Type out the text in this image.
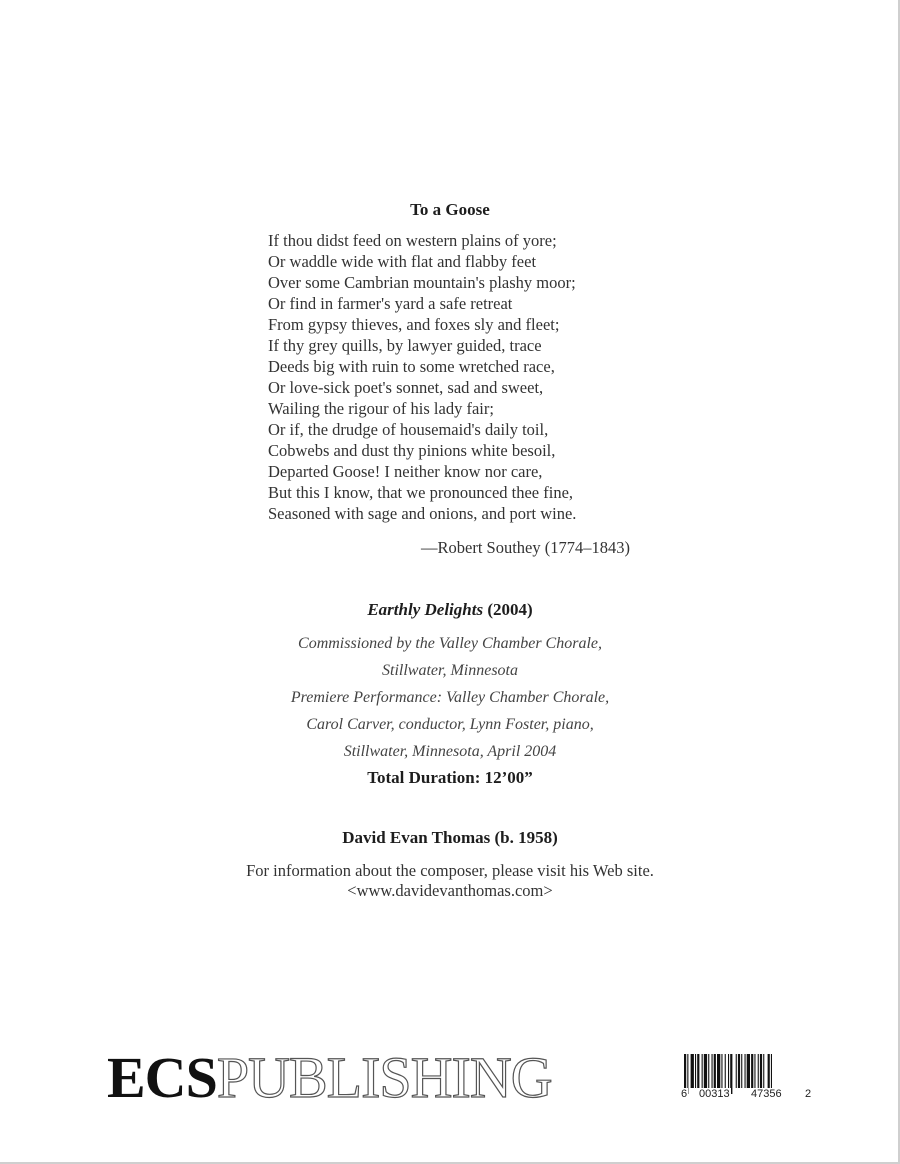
To a Goose
If thou didst feed on western plains of yore;
Or waddle wide with flat and flabby feet
Over some Cambrian mountain's plashy moor;
Or find in farmer's yard a safe retreat
From gypsy thieves, and foxes sly and fleet;
If thy grey quills, by lawyer guided, trace
Deeds big with ruin to some wretched race,
Or love-sick poet's sonnet, sad and sweet,
Wailing the rigour of his lady fair;
Or if, the drudge of housemaid's daily toil,
Cobwebs and dust thy pinions white besoil,
Departed Goose! I neither know nor care,
But this I know, that we pronounced thee fine,
Seasoned with sage and onions, and port wine.
—Robert Southey (1774–1843)
Earthly Delights (2004)
Commissioned by the Valley Chamber Chorale,
Stillwater, Minnesota
Premiere Performance: Valley Chamber Chorale,
Carol Carver, conductor, Lynn Foster, piano,
Stillwater, Minnesota, April 2004
Total Duration: 12’00”
David Evan Thomas (b. 1958)
For information about the composer, please visit his Web site.
<www.davidevanthomas.com>
ECSPUBLISHING	6 00313 47356 2
